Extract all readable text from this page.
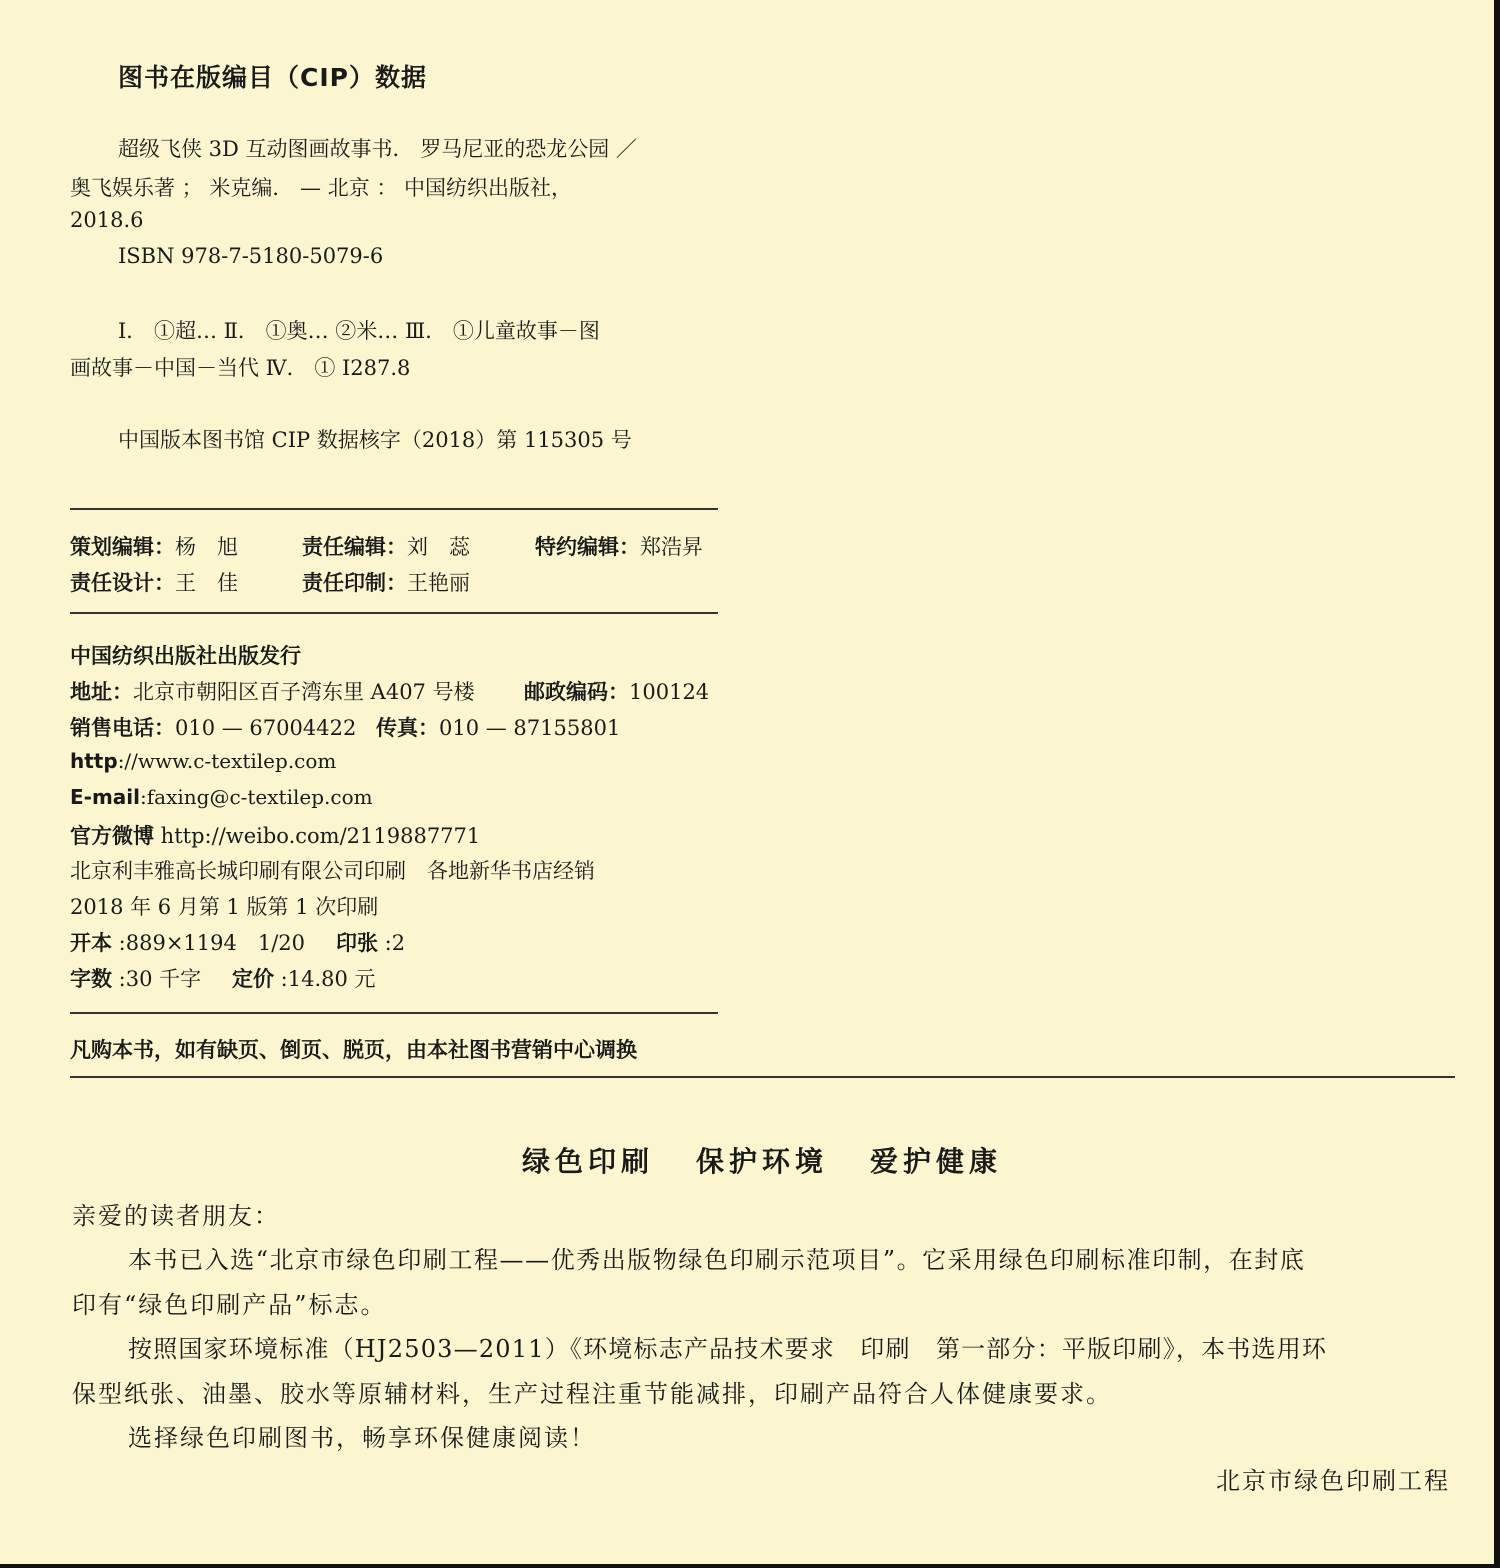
图书在版编目（CIP）数据
超级飞侠 3D 互动图画故事书． 罗马尼亚的恐龙公园 ／
奥飞娱乐著 ； 米克编． — 北京 ： 中国纺织出版社，
2018.6
ISBN 978-7-5180-5079-6
Ⅰ． ①超… Ⅱ． ①奥… ②米… Ⅲ． ①儿童故事－图
画故事－中国－当代 Ⅳ． ① I287.8
中国版本图书馆 CIP 数据核字（2018）第 115305 号
策划编辑：杨　旭	责任编辑：刘　蕊	特约编辑：郑浩昇
责任设计：王　佳	责任印制：王艳丽
中国纺织出版社出版发行
地址：北京市朝阳区百子湾东里 A407 号楼 邮政编码：100124
销售电话：010 — 67004422 传真：010 — 87155801
http://www.c-textilep.com
E-mail:faxing@c-textilep.com
官方微博 http://weibo.com/2119887771
北京利丰雅高长城印刷有限公司印刷　各地新华书店经销
2018 年 6 月第 1 版第 1 次印刷
开本 :889×1194　1/20 印张 :2
字数 :30 千字 定价 :14.80 元
凡购本书，如有缺页、倒页、脱页，由本社图书营销中心调换
绿色印刷 保护环境 爱护健康
亲爱的读者朋友：
本书已入选“北京市绿色印刷工程——优秀出版物绿色印刷示范项目”。它采用绿色印刷标准印制，在封底
印有“绿色印刷产品”标志。
按照国家环境标准（HJ2503—2011）《环境标志产品技术要求　印刷　第一部分：平版印刷》，本书选用环
保型纸张、油墨、胶水等原辅材料，生产过程注重节能减排，印刷产品符合人体健康要求。
选择绿色印刷图书，畅享环保健康阅读！
北京市绿色印刷工程
